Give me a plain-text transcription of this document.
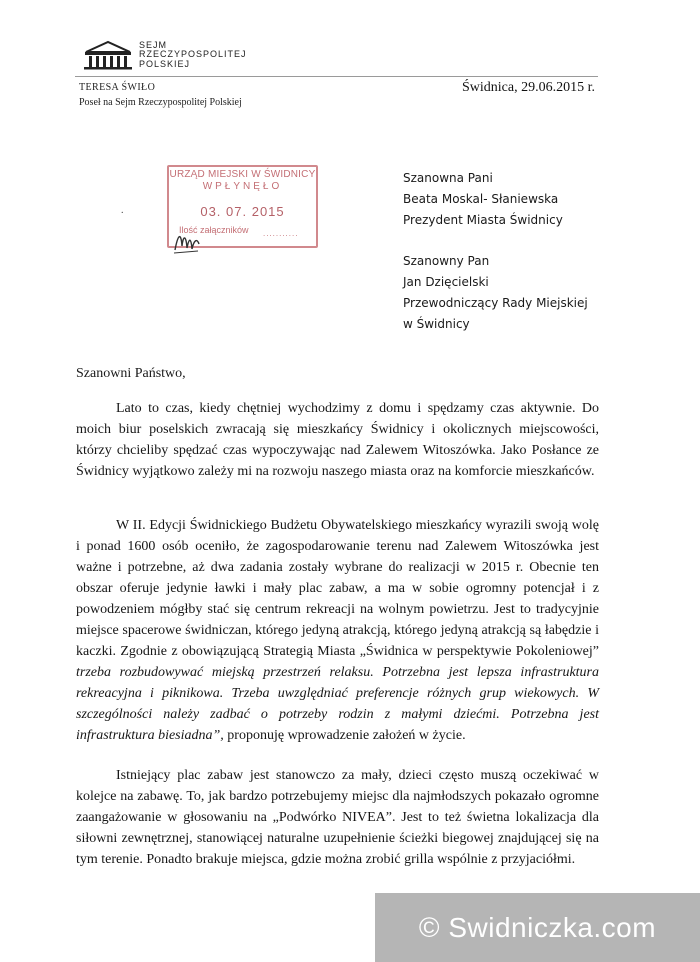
SEJM
RZECZYPOSPOLITEJ
POLSKIEJ
TERESA ŚWIŁO
Poseł na Sejm Rzeczypospolitej Polskiej
Świdnica, 29.06.2015 r.
URZĄD MIEJSKI W ŚWIDNICY
WPŁYNĘŁO
03. 07. 2015
Ilość załączników ...........
.
Szanowna Pani
Beata Moskal- Słaniewska
Prezydent Miasta Świdnicy
Szanowny Pan
Jan Dzięcielski
Przewodniczący Rady Miejskiej
w Świdnicy
Szanowni Państwo,

Lato to czas, kiedy chętniej wychodzimy z domu i spędzamy czas aktywnie. Do moich biur poselskich zwracają się mieszkańcy Świdnicy i okolicznych miejscowości, którzy chcieliby spędzać czas wypoczywając nad Zalewem Witoszówka. Jako Posłance ze Świdnicy wyjątkowo zależy mi na rozwoju naszego miasta oraz na komforcie mieszkańców.

W II. Edycji Świdnickiego Budżetu Obywatelskiego mieszkańcy wyrazili swoją wolę i ponad 1600 osób oceniło, że zagospodarowanie terenu nad Zalewem Witoszówka jest ważne i potrzebne, aż dwa zadania zostały wybrane do realizacji w 2015 r. Obecnie ten obszar oferuje jedynie ławki i mały plac zabaw, a ma w sobie ogromny potencjał i z powodzeniem mógłby stać się centrum rekreacji na wolnym powietrzu. Jest to tradycyjnie miejsce spacerowe świdniczan, którego jedyną atrakcją, którego jedyną atrakcją są łabędzie i kaczki. Zgodnie z obowiązującą Strategią Miasta „Świdnica w perspektywie Pokoleniowej” trzeba rozbudowywać miejską przestrzeń relaksu. Potrzebna jest lepsza infrastruktura rekreacyjna i piknikowa. Trzeba uwzględniać preferencje różnych grup wiekowych. W szczególności należy zadbać o potrzeby rodzin z małymi dziećmi. Potrzebna jest infrastruktura biesiadna”, proponuję wprowadzenie założeń w życie.

Istniejący plac zabaw jest stanowczo za mały, dzieci często muszą oczekiwać w kolejce na zabawę. To, jak bardzo potrzebujemy miejsc dla najmłodszych pokazało ogromne zaangażowanie w głosowaniu na „Podwórko NIVEA”. Jest to też świetna lokalizacja dla siłowni zewnętrznej, stanowiącej naturalne uzupełnienie ścieżki biegowej znajdującej się na tym terenie. Ponadto brakuje miejsca, gdzie można zrobić grilla wspólnie z przyjaciółmi.

© Swidniczka.com
